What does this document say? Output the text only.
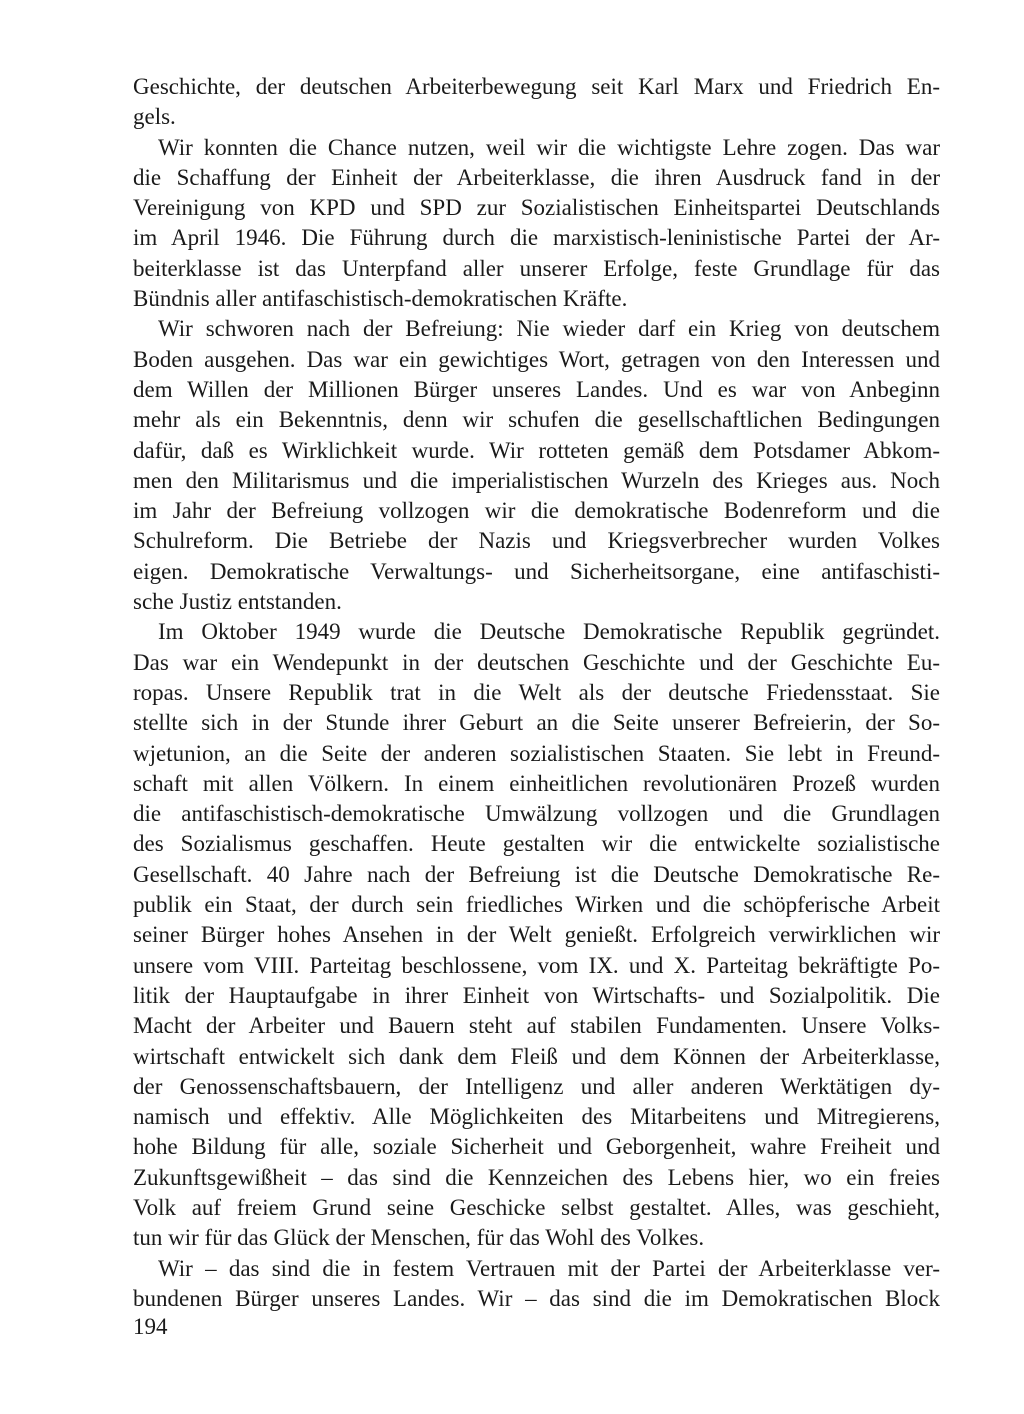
Geschichte, der deutschen Arbeiterbewegung seit Karl Marx und Friedrich En-
gels.

Wir konnten die Chance nutzen, weil wir die wichtigste Lehre zogen. Das war
die Schaffung der Einheit der Arbeiterklasse, die ihren Ausdruck fand in der
Vereinigung von KPD und SPD zur Sozialistischen Einheitspartei Deutschlands
im April 1946. Die Führung durch die marxistisch-leninistische Partei der Ar-
beiterklasse ist das Unterpfand aller unserer Erfolge, feste Grundlage für das
Bündnis aller antifaschistisch-demokratischen Kräfte.

Wir schworen nach der Befreiung: Nie wieder darf ein Krieg von deutschem
Boden ausgehen. Das war ein gewichtiges Wort, getragen von den Interessen und
dem Willen der Millionen Bürger unseres Landes. Und es war von Anbeginn
mehr als ein Bekenntnis, denn wir schufen die gesellschaftlichen Bedingungen
dafür, daß es Wirklichkeit wurde. Wir rotteten gemäß dem Potsdamer Abkom-
men den Militarismus und die imperialistischen Wurzeln des Krieges aus. Noch
im Jahr der Befreiung vollzogen wir die demokratische Bodenreform und die
Schulreform. Die Betriebe der Nazis und Kriegsverbrecher wurden Volkes
eigen. Demokratische Verwaltungs- und Sicherheitsorgane, eine antifaschisti-
sche Justiz entstanden.

Im Oktober 1949 wurde die Deutsche Demokratische Republik gegründet.
Das war ein Wendepunkt in der deutschen Geschichte und der Geschichte Eu-
ropas. Unsere Republik trat in die Welt als der deutsche Friedensstaat. Sie
stellte sich in der Stunde ihrer Geburt an die Seite unserer Befreierin, der So-
wjetunion, an die Seite der anderen sozialistischen Staaten. Sie lebt in Freund-
schaft mit allen Völkern. In einem einheitlichen revolutionären Prozeß wurden
die antifaschistisch-demokratische Umwälzung vollzogen und die Grundlagen
des Sozialismus geschaffen. Heute gestalten wir die entwickelte sozialistische
Gesellschaft. 40 Jahre nach der Befreiung ist die Deutsche Demokratische Re-
publik ein Staat, der durch sein friedliches Wirken und die schöpferische Arbeit
seiner Bürger hohes Ansehen in der Welt genießt. Erfolgreich verwirklichen wir
unsere vom VIII. Parteitag beschlossene, vom IX. und X. Parteitag bekräftigte Po-
litik der Hauptaufgabe in ihrer Einheit von Wirtschafts- und Sozialpolitik. Die
Macht der Arbeiter und Bauern steht auf stabilen Fundamenten. Unsere Volks-
wirtschaft entwickelt sich dank dem Fleiß und dem Können der Arbeiterklasse,
der Genossenschaftsbauern, der Intelligenz und aller anderen Werktätigen dy-
namisch und effektiv. Alle Möglichkeiten des Mitarbeitens und Mitregierens,
hohe Bildung für alle, soziale Sicherheit und Geborgenheit, wahre Freiheit und
Zukunftsgewißheit – das sind die Kennzeichen des Lebens hier, wo ein freies
Volk auf freiem Grund seine Geschicke selbst gestaltet. Alles, was geschieht,
tun wir für das Glück der Menschen, für das Wohl des Volkes.

Wir – das sind die in festem Vertrauen mit der Partei der Arbeiterklasse ver-
bundenen Bürger unseres Landes. Wir – das sind die im Demokratischen Block

194
